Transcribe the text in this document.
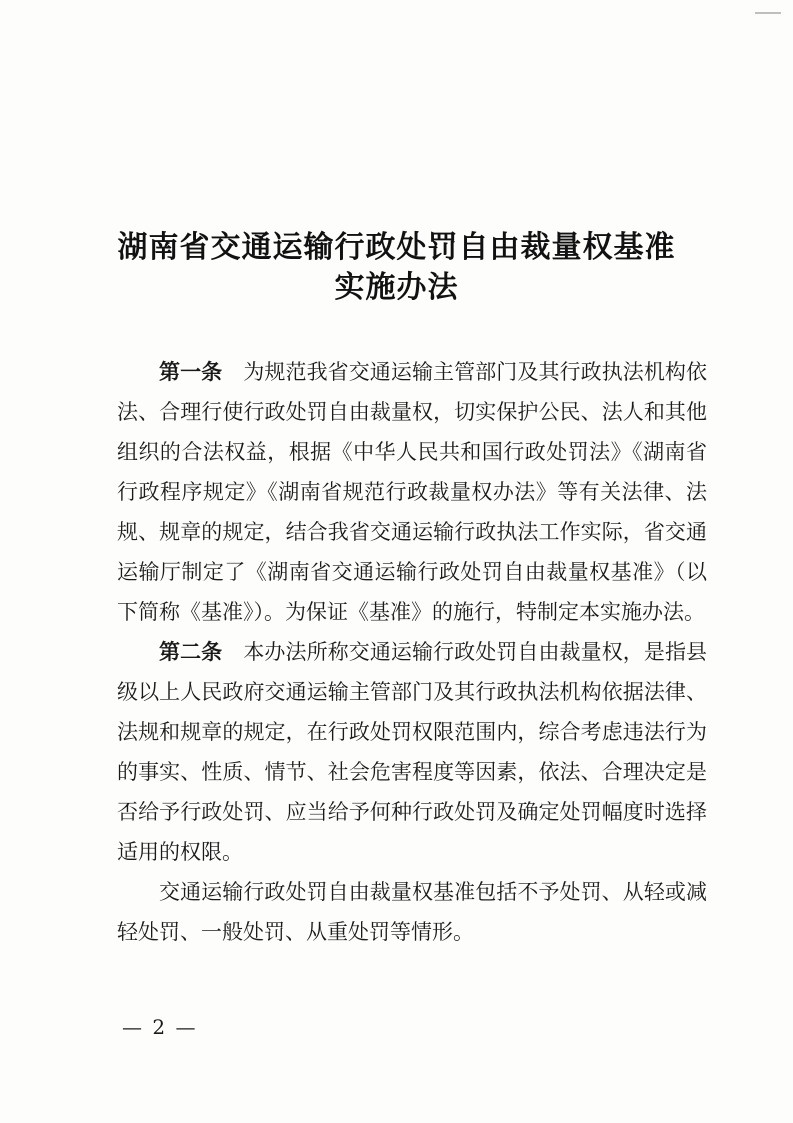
湖南省交通运输行政处罚自由裁量权基准
实施办法

第一条　为规范我省交通运输主管部门及其行政执法机构依法、合理行使行政处罚自由裁量权，切实保护公民、法人和其他组织的合法权益，根据《中华人民共和国行政处罚法》《湖南省行政程序规定》《湖南省规范行政裁量权办法》等有关法律、法规、规章的规定，结合我省交通运输行政执法工作实际，省交通运输厅制定了《湖南省交通运输行政处罚自由裁量权基准》（以下简称《基准》）。为保证《基准》的施行，特制定本实施办法。

第二条　 本办法所称交通运输行政处罚自由裁量权，是指县级以上人民政府交通运输主管部门及其行政执法机构依据法律、法规和规章的规定，在行政处罚权限范围内，综合考虑违法行为的事实、性质、情节、社会危害程度等因素，依法、合理决定是否给予行政处罚、应当给予何种行政处罚及确定处罚幅度时选择适用的权限。

交通运输行政处罚自由裁量权基准包括不予处罚、从轻或减轻处罚、一般处罚、从重处罚等情形。

— 2 —
